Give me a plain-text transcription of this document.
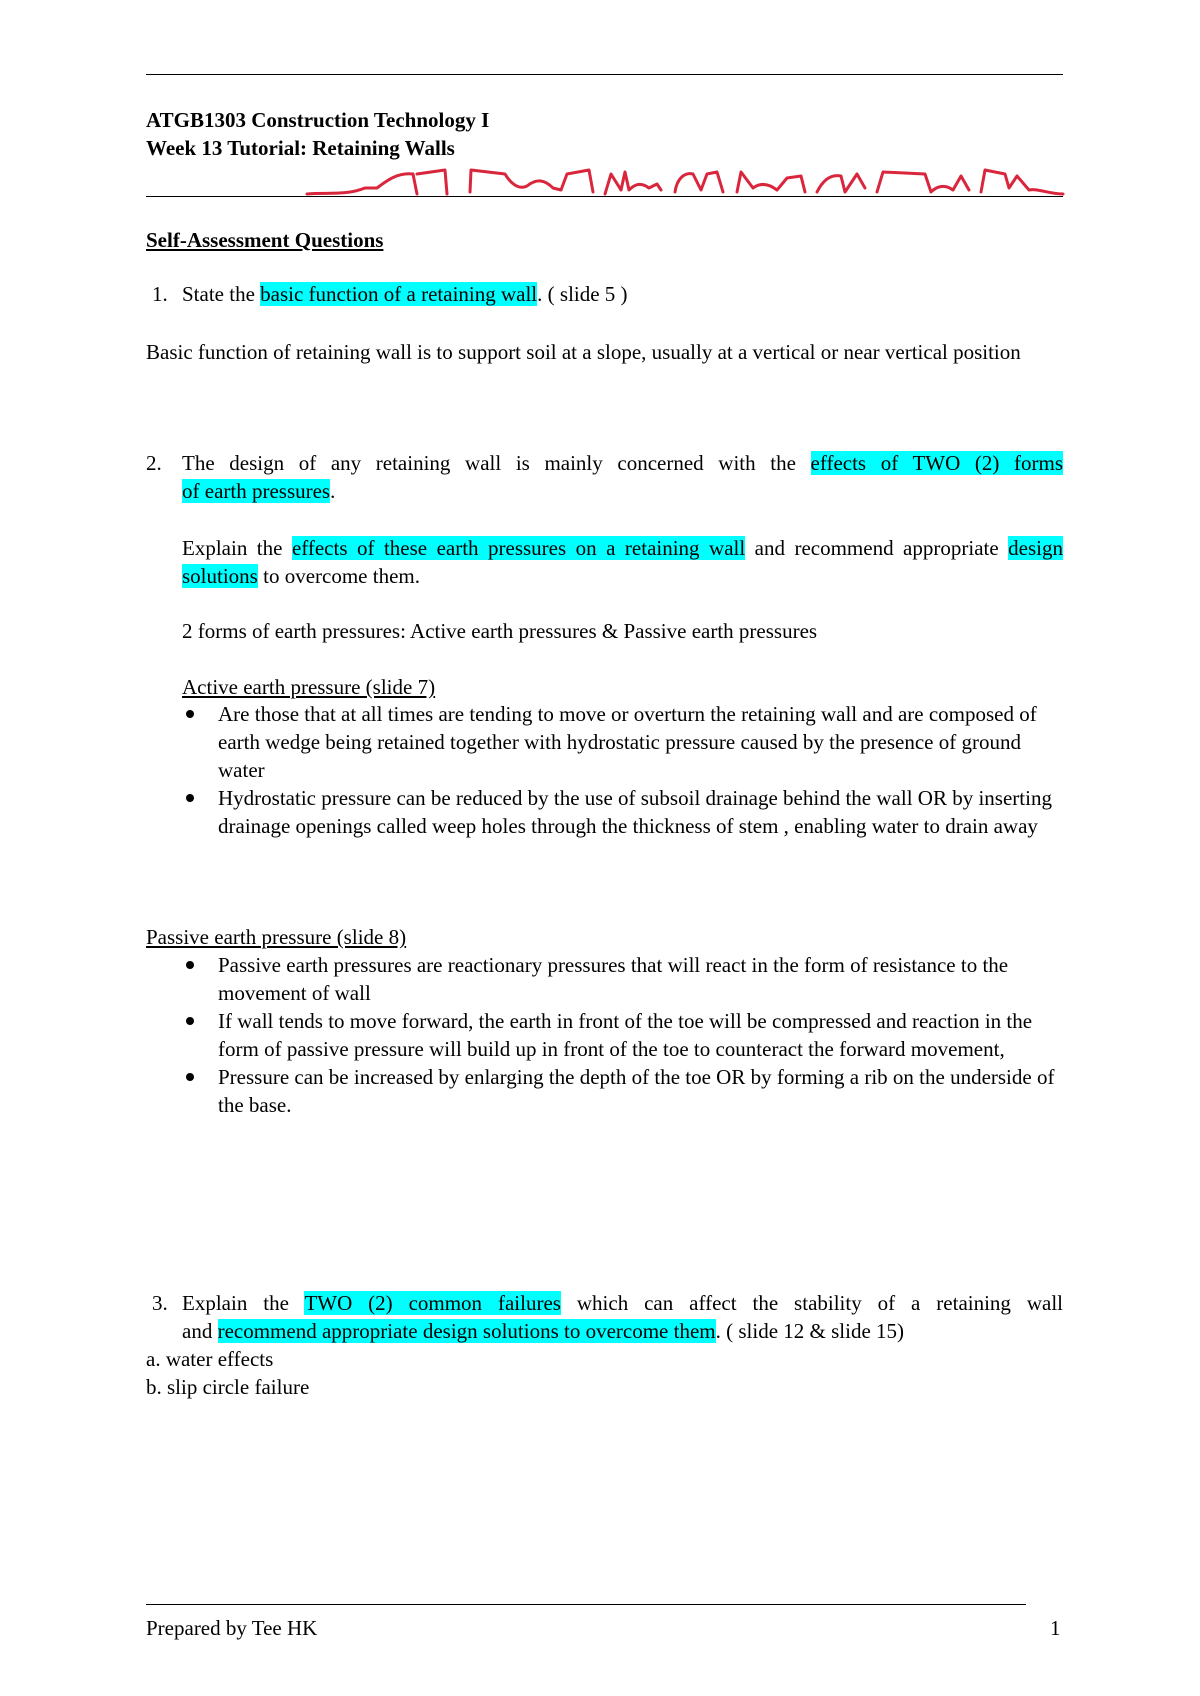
ATGB1303 Construction Technology I
Week 13 Tutorial: Retaining Walls
Self-Assessment Questions
1. State the basic function of a retaining wall. ( slide 5 )
Basic function of retaining wall is to support soil at a slope, usually at a vertical or near vertical position
2. The design of any retaining wall is mainly concerned with the effects of TWO (2) forms
of earth pressures.
Explain the effects of these earth pressures on a retaining wall and recommend appropriate design solutions to overcome them.
2 forms of earth pressures: Active earth pressures & Passive earth pressures
Active earth pressure (slide 7)
Are those that at all times are tending to move or overturn the retaining wall and are composed of earth wedge being retained together with hydrostatic pressure caused by the presence of ground water
Hydrostatic pressure can be reduced by the use of subsoil drainage behind the wall OR by inserting drainage openings called weep holes through the thickness of stem , enabling water to drain away
Passive earth pressure (slide 8)
Passive earth pressures are reactionary pressures that will react in the form of resistance to the movement of wall
If wall tends to move forward, the earth in front of the toe will be compressed and reaction in the form of passive pressure will build up in front of the toe to counteract the forward movement,
Pressure can be increased by enlarging the depth of the toe OR by forming a rib on the underside of the base.
3. Explain the TWO (2) common failures which can affect the stability of a retaining wall
and recommend appropriate design solutions to overcome them. ( slide 12 & slide 15)
a. water effects
b. slip circle failure
Prepared by Tee HK	1
